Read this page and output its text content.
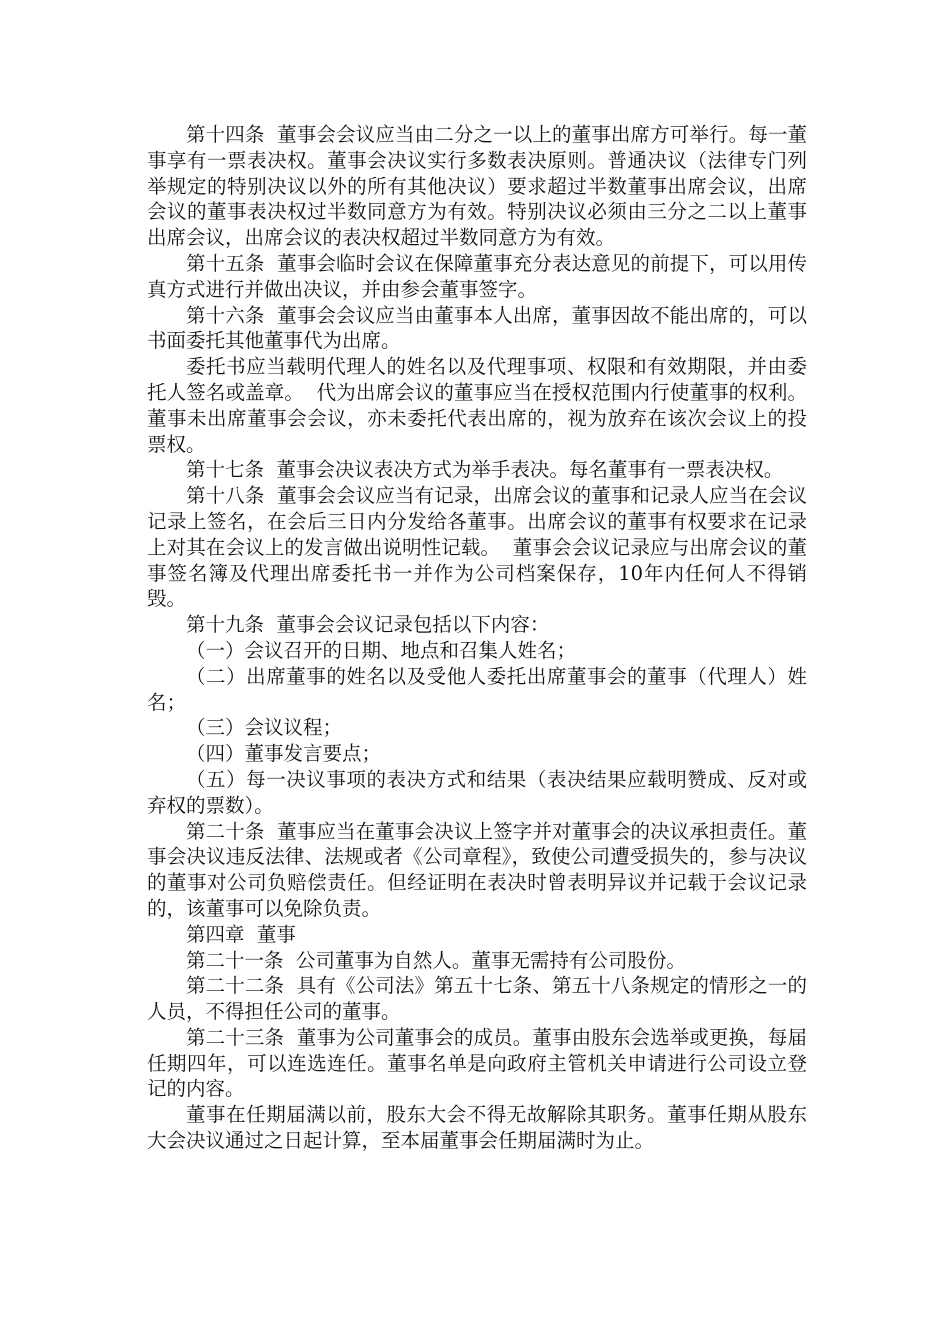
第十四条  董事会会议应当由二分之一以上的董事出席方可举行。每一董事享有一票表决权。董事会决议实行多数表决原则。普通决议（法律专门列举规定的特别决议以外的所有其他决议）要求超过半数董事出席会议，出席会议的董事表决权过半数同意方为有效。特别决议必须由三分之二以上董事出席会议，出席会议的表决权超过半数同意方为有效。

第十五条  董事会临时会议在保障董事充分表达意见的前提下，可以用传真方式进行并做出决议，并由参会董事签字。

第十六条  董事会会议应当由董事本人出席，董事因故不能出席的，可以书面委托其他董事代为出席。

委托书应当载明代理人的姓名以及代理事项、权限和有效期限，并由委托人签名或盖章。  代为出席会议的董事应当在授权范围内行使董事的权利。董事未出席董事会会议，亦未委托代表出席的，视为放弃在该次会议上的投票权。

第十七条  董事会决议表决方式为举手表决。每名董事有一票表决权。

第十八条  董事会会议应当有记录，出席会议的董事和记录人应当在会议记录上签名，在会后三日内分发给各董事。出席会议的董事有权要求在记录上对其在会议上的发言做出说明性记载。  董事会会议记录应与出席会议的董事签名簿及代理出席委托书一并作为公司档案保存，10年内任何人不得销毁。

第十九条  董事会会议记录包括以下内容：

（一）会议召开的日期、地点和召集人姓名；

（二）出席董事的姓名以及受他人委托出席董事会的董事（代理人）姓名；

（三）会议议程；

（四）董事发言要点；

（五）每一决议事项的表决方式和结果（表决结果应载明赞成、反对或弃权的票数）。

第二十条  董事应当在董事会决议上签字并对董事会的决议承担责任。董事会决议违反法律、法规或者《公司章程》，致使公司遭受损失的，参与决议的董事对公司负赔偿责任。但经证明在表决时曾表明异议并记载于会议记录的，该董事可以免除负责。

第四章  董事

第二十一条  公司董事为自然人。董事无需持有公司股份。

第二十二条  具有《公司法》第五十七条、第五十八条规定的情形之一的人员，不得担任公司的董事。

第二十三条  董事为公司董事会的成员。董事由股东会选举或更换，每届任期四年，可以连选连任。董事名单是向政府主管机关申请进行公司设立登记的内容。

董事在任期届满以前，股东大会不得无故解除其职务。董事任期从股东大会决议通过之日起计算，至本届董事会任期届满时为止。
